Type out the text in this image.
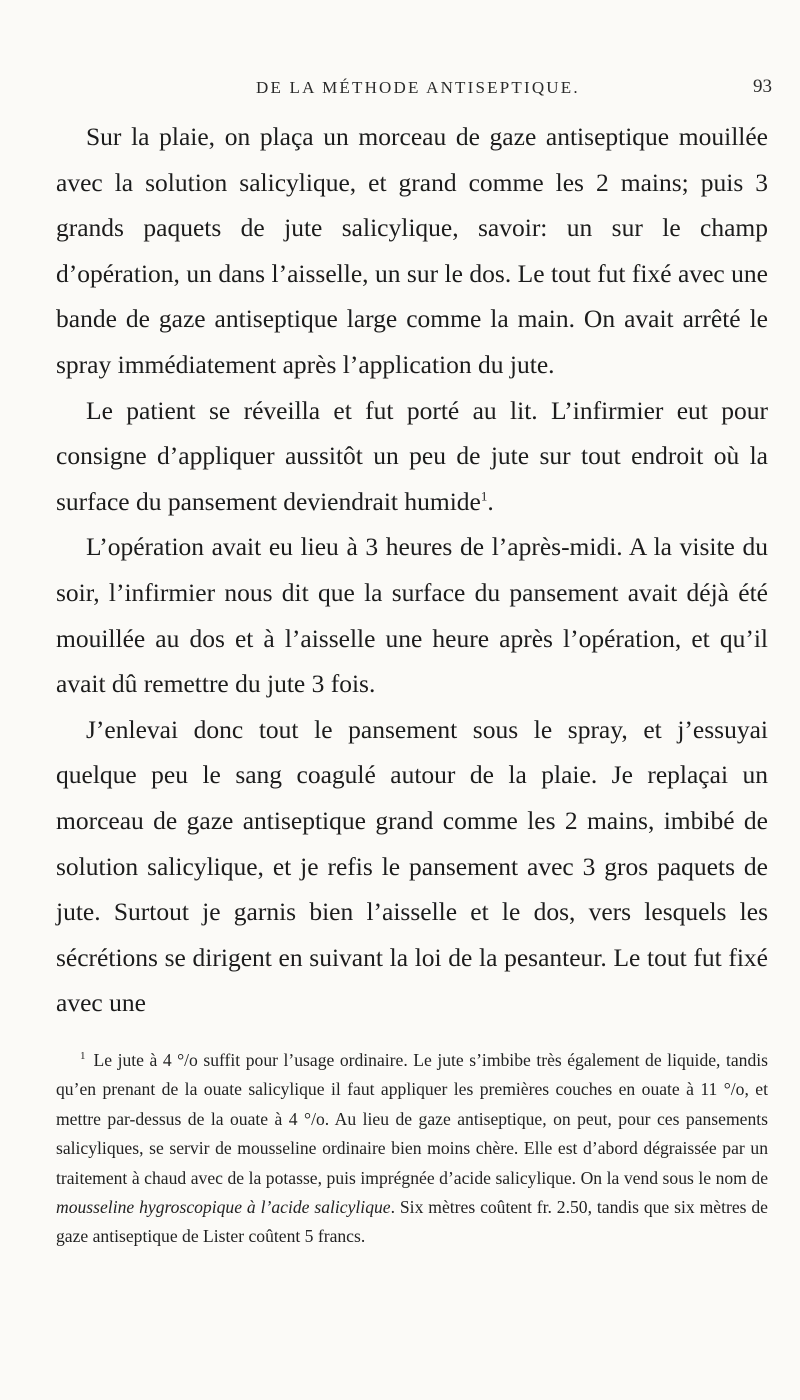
DE LA MÉTHODE ANTISEPTIQUE.	93

Sur la plaie, on plaça un morceau de gaze antiseptique mouillée avec la solution salicylique, et grand comme les 2 mains; puis 3 grands paquets de jute salicylique, savoir: un sur le champ d’opération, un dans l’aisselle, un sur le dos. Le tout fut fixé avec une bande de gaze antiseptique large comme la main. On avait arrêté le spray immédiatement après l’application du jute.

Le patient se réveilla et fut porté au lit. L’infirmier eut pour consigne d’appliquer aussitôt un peu de jute sur tout endroit où la surface du pansement deviendrait humide$^1$.

L’opération avait eu lieu à 3 heures de l’après-midi. A la visite du soir, l’infirmier nous dit que la surface du pansement avait déjà été mouillée au dos et à l’aisselle une heure après l’opération, et qu’il avait dû remettre du jute 3 fois.

J’enlevai donc tout le pansement sous le spray, et j’essuyai quelque peu le sang coagulé autour de la plaie. Je replaçai un morceau de gaze antiseptique grand comme les 2 mains, imbibé de solution salicylique, et je refis le pansement avec 3 gros paquets de jute. Surtout je garnis bien l’aisselle et le dos, vers lesquels les sécrétions se dirigent en suivant la loi de la pesanteur. Le tout fut fixé avec une

$^1$ Le jute à 4 °/o suffit pour l’usage ordinaire. Le jute s’imbibe très également de liquide, tandis qu’en prenant de la ouate salicylique il faut appliquer les premières couches en ouate à 11 °/o, et mettre par-dessus de la ouate à 4 °/o. Au lieu de gaze antiseptique, on peut, pour ces pansements salicyliques, se servir de mousseline ordinaire bien moins chère. Elle est d’abord dégraissée par un traitement à chaud avec de la potasse, puis imprégnée d’acide salicylique. On la vend sous le nom de mousseline hygroscopique à l’acide salicylique. Six mètres coûtent fr. 2.50, tandis que six mètres de gaze antiseptique de Lister coûtent 5 francs.
